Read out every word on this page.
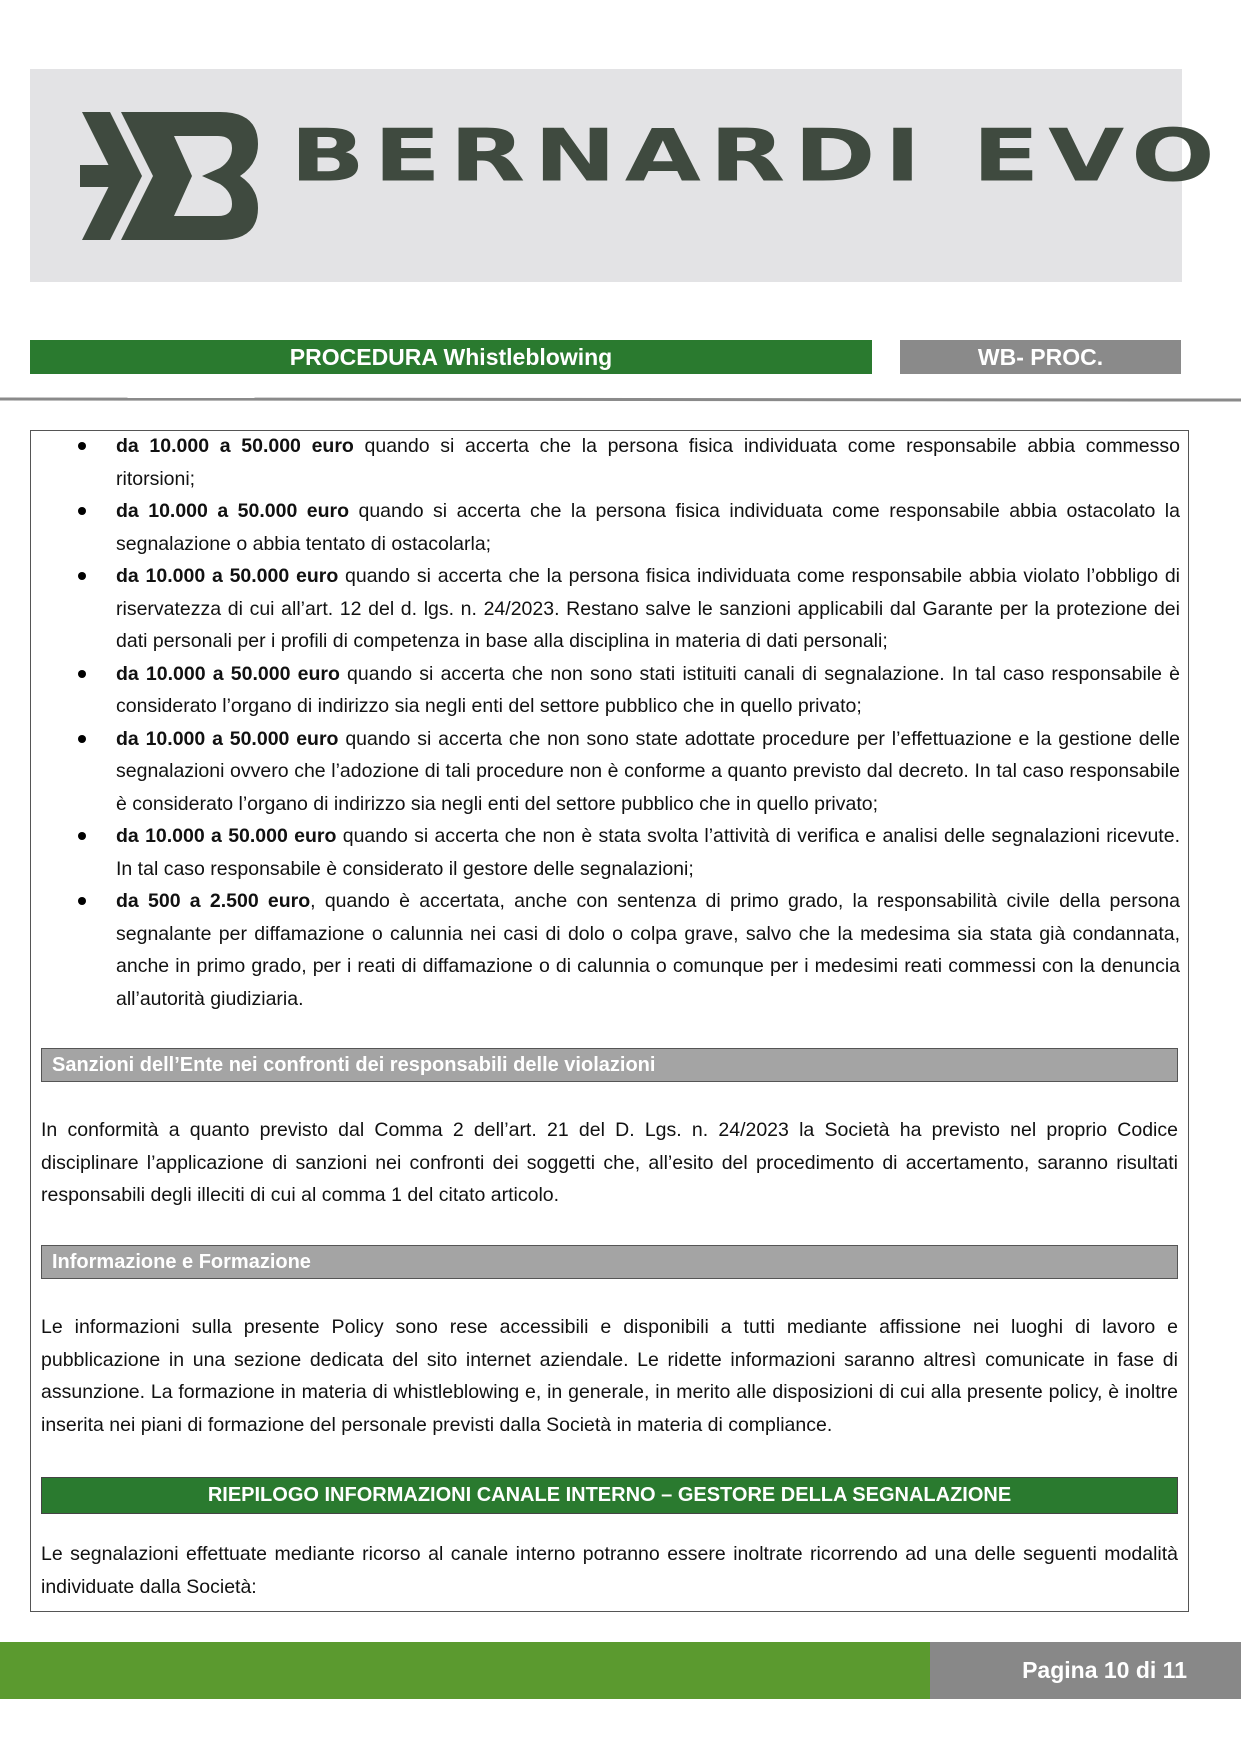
BERNARDI EVO
PROCEDURA Whistleblowing	WB- PROC.
da 10.000 a 50.000 euro quando si accerta che la persona fisica individuata come responsabile abbia commesso ritorsioni;
da 10.000 a 50.000 euro quando si accerta che la persona fisica individuata come responsabile abbia ostacolato la segnalazione o abbia tentato di ostacolarla;
da 10.000 a 50.000 euro quando si accerta che la persona fisica individuata come responsabile abbia violato l’obbligo di riservatezza di cui all’art. 12 del d. lgs. n. 24/2023. Restano salve le sanzioni applicabili dal Garante per la protezione dei dati personali per i profili di competenza in base alla disciplina in materia di dati personali;
da 10.000 a 50.000 euro quando si accerta che non sono stati istituiti canali di segnalazione. In tal caso responsabile è considerato l’organo di indirizzo sia negli enti del settore pubblico che in quello privato;
da 10.000 a 50.000 euro quando si accerta che non sono state adottate procedure per l’effettuazione e la gestione delle segnalazioni ovvero che l’adozione di tali procedure non è conforme a quanto previsto dal decreto. In tal caso responsabile è considerato l’organo di indirizzo sia negli enti del settore pubblico che in quello privato;
da 10.000 a 50.000 euro quando si accerta che non è stata svolta l’attività di verifica e analisi delle segnalazioni ricevute. In tal caso responsabile è considerato il gestore delle segnalazioni;
da 500 a 2.500 euro, quando è accertata, anche con sentenza di primo grado, la responsabilità civile della persona segnalante per diffamazione o calunnia nei casi di dolo o colpa grave, salvo che la medesima sia stata già condannata, anche in primo grado, per i reati di diffamazione o di calunnia o comunque per i medesimi reati commessi con la denuncia all’autorità giudiziaria.
Sanzioni dell’Ente nei confronti dei responsabili delle violazioni

In conformità a quanto previsto dal Comma 2 dell’art. 21 del D. Lgs. n. 24/2023 la Società ha previsto nel proprio Codice disciplinare l’applicazione di sanzioni nei confronti dei soggetti che, all’esito del procedimento di accertamento, saranno risultati responsabili degli illeciti di cui al comma 1 del citato articolo.

Informazione e Formazione

Le informazioni sulla presente Policy sono rese accessibili e disponibili a tutti mediante affissione nei luoghi di lavoro e pubblicazione in una sezione dedicata del sito internet aziendale. Le ridette informazioni saranno altresì comunicate in fase di assunzione. La formazione in materia di whistleblowing e, in generale, in merito alle disposizioni di cui alla presente policy, è inoltre inserita nei piani di formazione del personale previsti dalla Società in materia di compliance.

RIEPILOGO INFORMAZIONI CANALE INTERNO – GESTORE DELLA SEGNALAZIONE

Le segnalazioni effettuate mediante ricorso al canale interno potranno essere inoltrate ricorrendo ad una delle seguenti modalità individuate dalla Società:

Pagina 10 di 11
